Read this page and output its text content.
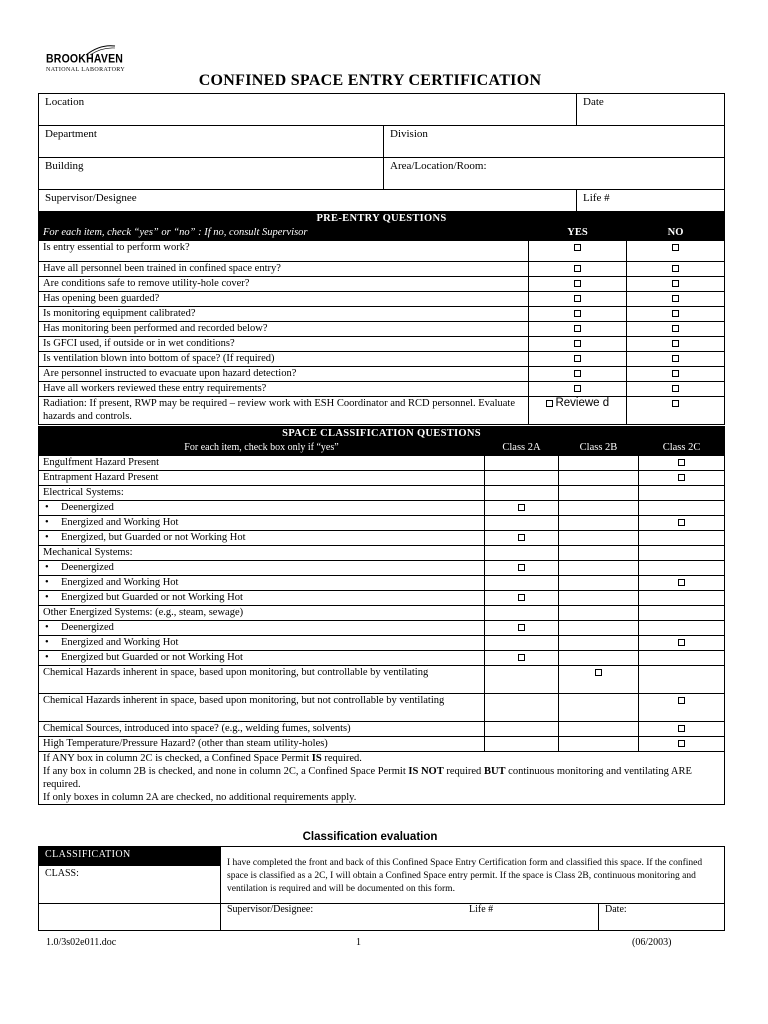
BROOKHAVEN
NATIONAL LABORATORY
CONFINED SPACE ENTRY CERTIFICATION
Location		Date
Department	Division	
Building	Area/Location/Room:	
Supervisor/Designee		Life #
PRE-ENTRY QUESTIONS		
For each item, check “yes” or “no” : If no, consult Supervisor	YES	NO
Is entry essential to perform work?		
Have all personnel been trained in confined space entry?		
Are conditions safe to remove utility-hole cover?		
Has opening been guarded?		
Is monitoring equipment calibrated?		
Has monitoring been performed and recorded below?		
Is GFCI used, if outside or in wet conditions?		
Is ventilation blown into bottom of space? (If required)		
Are personnel instructed to evacuate upon hazard detection?		
Have all workers reviewed these entry requirements?		
Radiation: If present, RWP may be required – review work with ESH Coordinator and RCD personnel. Evaluate hazards and controls.	Reviewe d	
SPACE CLASSIFICATION QUESTIONS			
For each item, check box only if “yes”	Class 2A	Class 2B	Class 2C
Engulfment Hazard Present			
Entrapment Hazard Present			
Electrical Systems:			
• Deenergized			
• Energized and Working Hot			
• Energized, but Guarded or not Working Hot			
Mechanical Systems:			
• Deenergized			
• Energized and Working Hot			
• Energized but Guarded or not Working Hot			
Other Energized Systems: (e.g., steam, sewage)			
• Deenergized			
• Energized and Working Hot			
• Energized but Guarded or not Working Hot			
Chemical Hazards inherent in space, based upon monitoring, but controllable by ventilating			
Chemical Hazards inherent in space, based upon monitoring, but not controllable by ventilating			
Chemical Sources, introduced into space? (e.g., welding fumes, solvents)			
High Temperature/Pressure Hazard? (other than steam utility-holes)			

• If ANY box in column 2C is checked, a Confined Space Permit IS required.
• If any box in column 2B is checked, and none in column 2C, a Confined Space Permit IS NOT required BUT continuous monitoring and ventilating ARE required.
• If only boxes in column 2A are checked, no additional requirements apply.
Classification evaluation
CLASSIFICATION	I have completed the front and back of this Confined Space Entry Certification form and classified this space. If the confined space is classified as a 2C, I will obtain a Confined Space entry permit. If the space is Class 2B, continuous monitoring and ventilation is required and will be documented on this form.	
CLASS:		
	Supervisor/Designee: Life #	Date:
1.0/3s02e011.doc	1	(06/2003)
